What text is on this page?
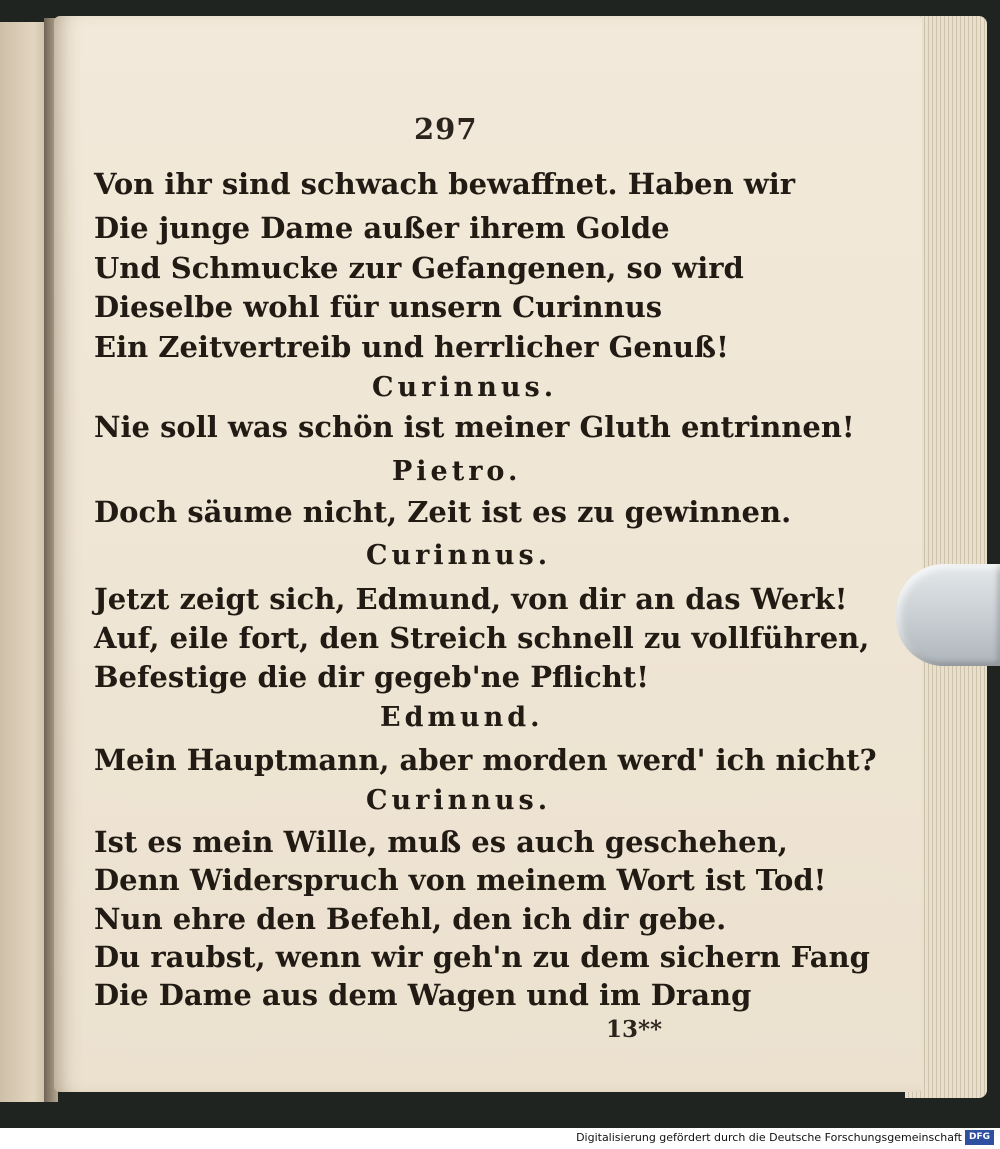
297
Von ihr sind schwach bewaffnet. Haben wir
Die junge Dame außer ihrem Golde
Und Schmucke zur Gefangenen, so wird
Dieselbe wohl für unsern Curinnus
Ein Zeitvertreib und herrlicher Genuß!
Curinnus.
Nie soll was schön ist meiner Gluth entrinnen!
Pietro.
Doch säume nicht, Zeit ist es zu gewinnen.
Curinnus.
Jetzt zeigt sich, Edmund, von dir an das Werk!
Auf, eile fort, den Streich schnell zu vollführen,
Befestige die dir gegeb'ne Pflicht!
Edmund.
Mein Hauptmann, aber morden werd' ich nicht?
Curinnus.
Ist es mein Wille, muß es auch geschehen,
Denn Widerspruch von meinem Wort ist Tod!
Nun ehre den Befehl, den ich dir gebe.
Du raubst, wenn wir geh'n zu dem sichern Fang
Die Dame aus dem Wagen und im Drang
13**
Digitalisierung gefördert durch die Deutsche Forschungsgemeinschaft DFG
